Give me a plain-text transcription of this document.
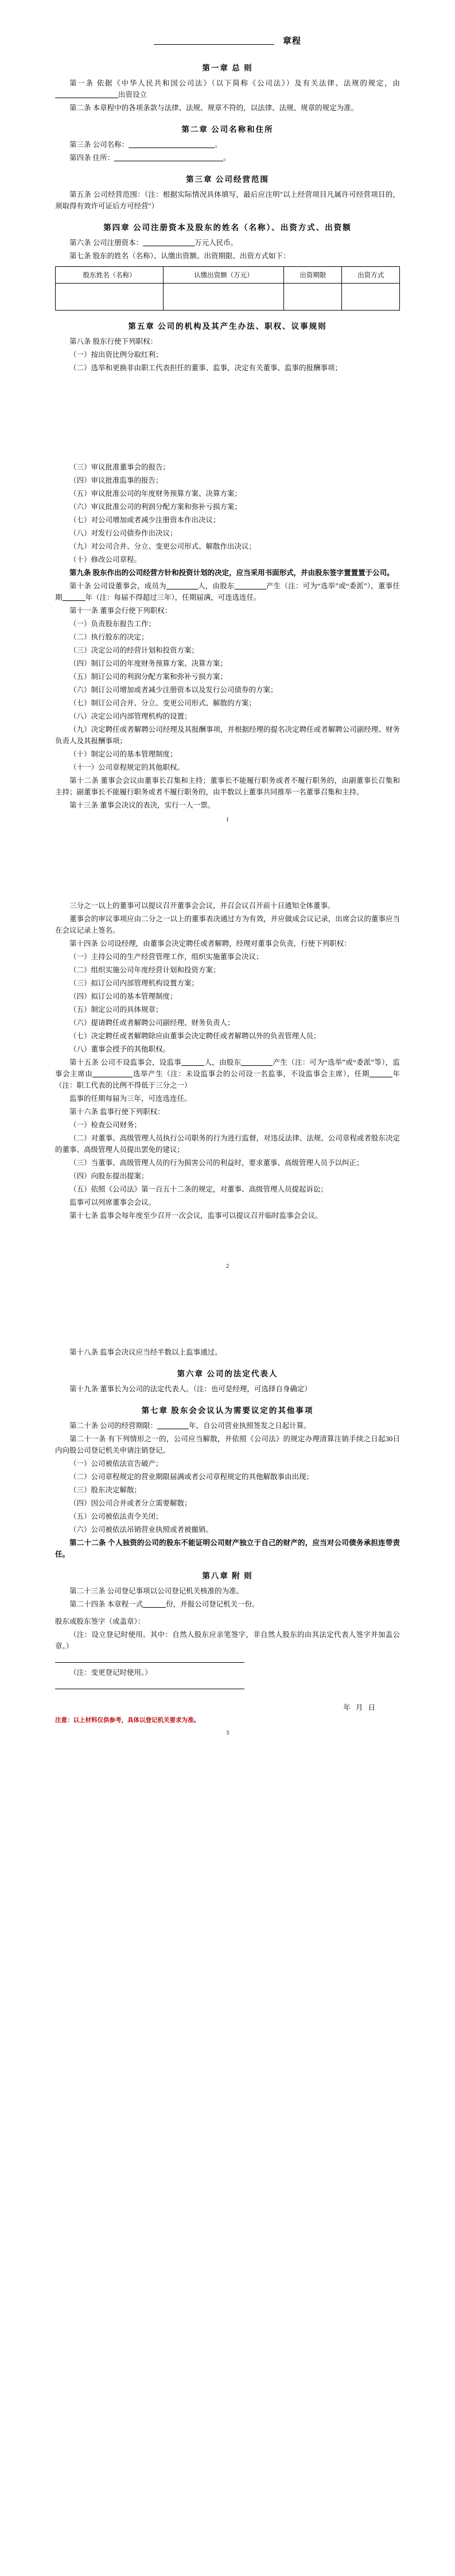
章程
第一章 总 则

第一条 依据《中华人民共和国公司法》（以下简称《公司法》）及有关法律、法规的规定，由出资设立

第二条 本章程中的各项条款与法律、法规、规章不符的，以法律、法规、规章的规定为准。

第二章 公司名称和住所

第三条 公司名称：	。

第四条 住所：	。

第三章 公司经营范围

第五条 公司经营范围：（注：根据实际情况具体填写，最后应注明"以上经营项目凡属许可经营项目的，须取得有效许可证后方可经营"）

第四章 公司注册资本及股东的姓名（名称）、出资方式、出资额

第六条 公司注册资本：	万元人民币。

第七条 股东的姓名（名称）、认缴出资额、出资期限、出资方式如下：

股东姓名（名称）	认缴出资额（万元）	出资期限	出资方式

第五章 公司的机构及其产生办法、职权、议事规则

第八条 股东行使下列职权：

（一）按出资比例分取红利；

（二）选举和更换非由职工代表担任的董事、监事，决定有关董事、监事的报酬事项；

（三）审议批准董事会的报告；

（四）审议批准监事的报告；

（五）审议批准公司的年度财务预算方案、决算方案；

（六）审议批准公司的利润分配方案和弥补亏损方案；

（七）对公司增加或者减少注册资本作出决议；

（八）对发行公司债券作出决议；

（九）对公司合并、分立、变更公司形式、解散作出决议；

（十）修改公司章程。

第九条 股东作出的公司经营方针和投资计划的决定，应当采用书面形式，并由股东签字置置置于公司。

第十条 公司设董事会，成员为	人，由股东	产生（注：可为“选举”或“委派”），董事任期	年（注：每届不得超过三年），任期届满，可连选连任。

第十一条 董事会行使下列职权：

（一）负责股东报告工作；

（二）执行股东的决定；

（三）决定公司的经营计划和投资方案；

（四）制订公司的年度财务预算方案、决算方案；

（五）制订公司的利润分配方案和弥补亏损方案；

（六）制订公司增加或者减少注册资本以及发行公司债券的方案；

（七）制订公司合并、分立、变更公司形式、解散的方案；

（八）决定公司内部管理机构的设置；

（九）决定聘任或者解聘公司经理及其报酬事项，并根据经理的提名决定聘任或者解聘公司副经理、财务负责人及其报酬事项；

（十）制定公司的基本管理制度；

（十一）公司章程规定的其他职权。

第十二条 董事会会议由董事长召集和主持；董事长不能履行职务或者不履行职务的，由副董事长召集和主持；副董事长不能履行职务或者不履行职务的，由半数以上董事共同推举一名董事召集和主持。

第十三条 董事会决议的表决，实行一人一票。

1

三分之一以上的董事可以提议召开董事会会议，并召会议召开前十日通知全体董事。

董事会的审议事项应由二分之一以上的董事表决通过方为有效，并应做成会议记录，出席会议的董事应当在会议记录上签名。

第十四条 公司设经理，由董事会决定聘任或者解聘，经理对董事会负责，行使下列职权：

（一）主持公司的生产经营管理工作，组织实施董事会决议；

（二）组织实施公司年度经营计划和投资方案；

（三）拟订公司内部管理机构设置方案；

（四）拟订公司的基本管理制度；

（五）制定公司的具体规章；

（六）提请聘任或者解聘公司副经理、财务负责人；

（七）决定聘任或者解聘除应由董事会决定聘任或者解聘以外的负责管理人员；

（八）董事会授予的其他职权。

第十五条 公司不设监事会，设监事	人，由股东	产生（注：可为“选举”或“委派”等），监事会主席由	选举产生（注：未设监事会的公司设一名监事，不设监事会主席），任期	年（注：职工代表的比例不得低于三分之一）

监事的任期每届为三年，可连选连任。

第十六条 监事行使下列职权：

（一）检查公司财务；

（二）对董事、高级管理人员执行公司职务的行为进行监督，对违反法律、法规、公司章程或者股东决定的董事、高级管理人员提出罢免的建议；

（三）当董事、高级管理人员的行为损害公司的利益时，要求董事、高级管理人员予以纠正；

（四）向股东提出提案；

（五）依照《公司法》第一百五十二条的规定，对董事、高级管理人员提起诉讼；

监事可以列席董事会会议。

第十七条 监事会每年度至少召开一次会议，监事可以提议召开临时监事会会议。

2

第十八条 监事会决议应当经半数以上监事通过。

第六章 公司的法定代表人

第十九条 董事长为公司的法定代表人。（注：也可是经理，可选择自身确定）

第七章 股东会会议认为需要议定的其他事项

第二十条 公司的经营期限：	年，自公司营业执照签发之日起计算。

第二十一条 有下列情形之一的，公司应当解散，并依照《公司法》的规定办理清算注销手续之日起30日内向股公司登记机关申请注销登记。

（一）公司被依法宣告破产；

（二）公司章程规定的营业期限届满或者公司章程规定的其他解散事由出现；

（三）股东决定解散；

（四）因公司合并或者分立需要解散；

（五）公司被依法责令关闭；

（六）公司被依法吊销营业执照或者被撤销。

第二十二条 个人独资的公司的股东不能证明公司财产独立于自己的财产的，应当对公司债务承担连带责任。

第八章 附 则

第二十三条 公司登记事项以公司登记机关核准的为准。

第二十四条 本章程一式	份，并报公司登记机关一份。

股东或股东签字（或盖章）：

（注：设立登记时使用。其中：自然人股东应亲笔签字，非自然人股东的由其法定代表人签字并加盖公章。）

（注：变更登记时使用。）

年 月 日
注意：以上材料仅供参考，具体以登记机关要求为准。
3
